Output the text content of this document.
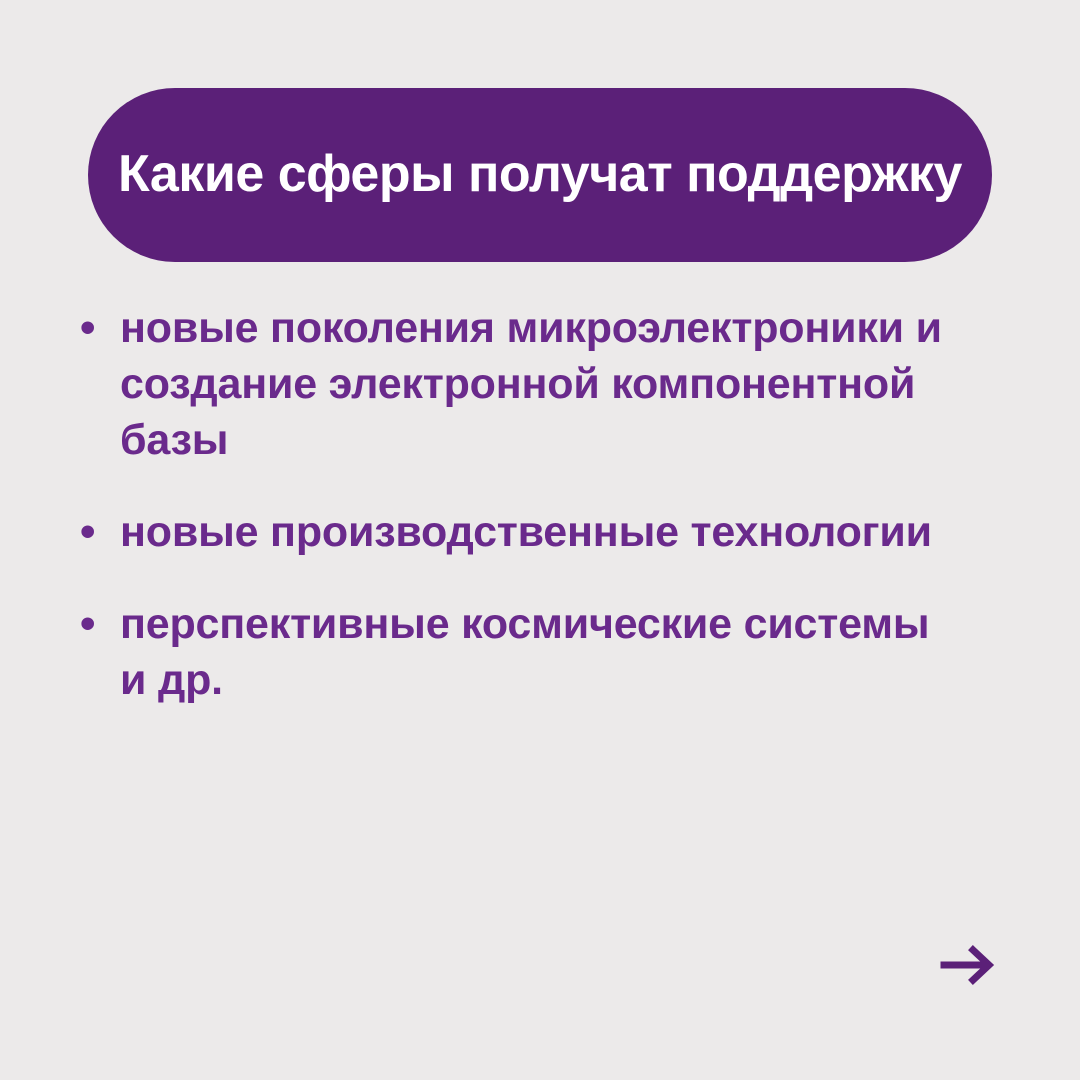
Какие сферы получат поддержку
• новые поколения микроэлектроники и создание электронной компонентной базы
• новые производственные технологии
• перспективные космические системы и др.
